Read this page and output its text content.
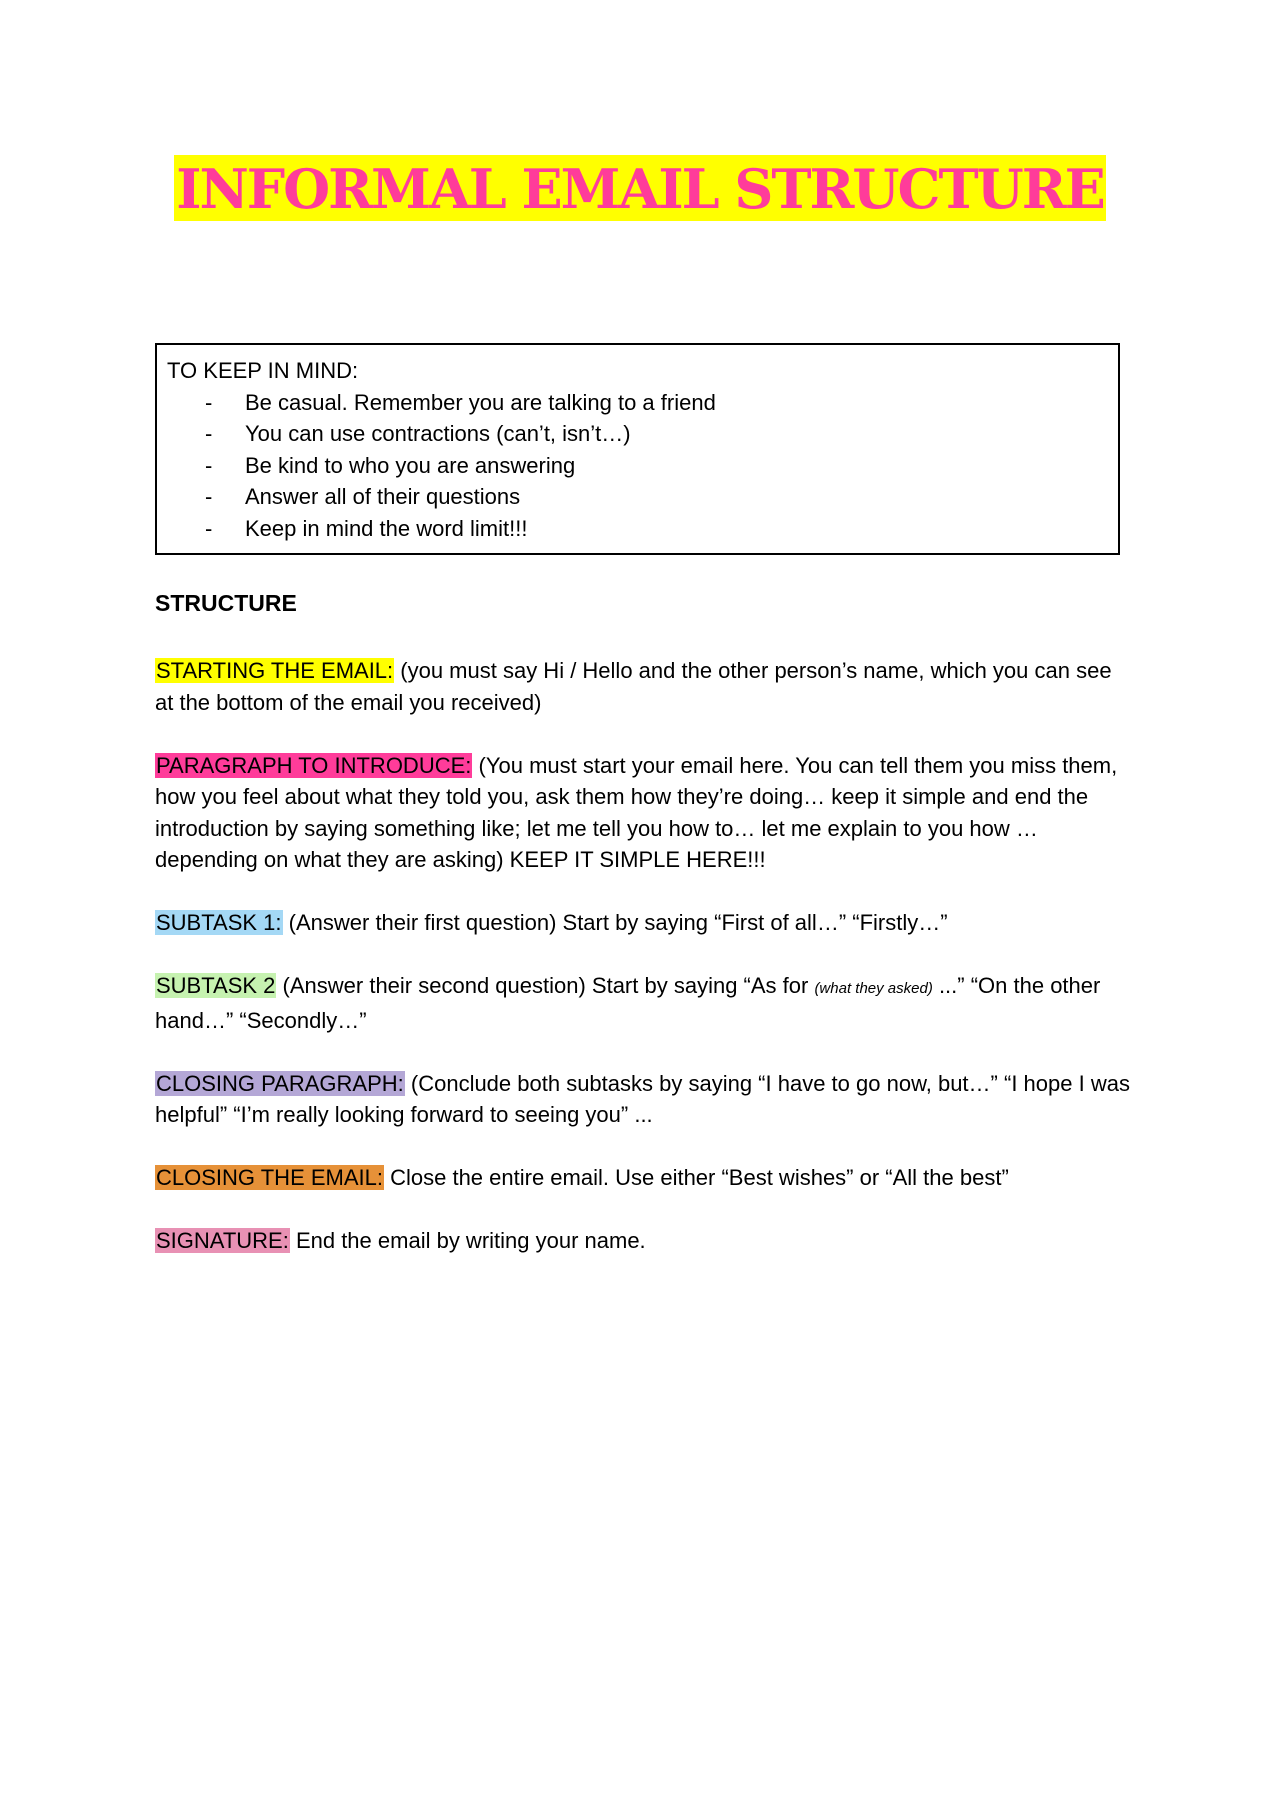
INFORMAL EMAIL STRUCTURE

TO KEEP IN MIND:

- Be casual. Remember you are talking to a friend
- You can use contractions (can’t, isn’t…)
- Be kind to who you are answering
- Answer all of their questions
- Keep in mind the word limit!!!

STRUCTURE

STARTING THE EMAIL: (you must say Hi / Hello and the other person’s name, which you can see at the bottom of the email you received)

PARAGRAPH TO INTRODUCE: (You must start your email here. You can tell them you miss them, how you feel about what they told you, ask them how they’re doing… keep it simple and end the introduction by saying something like; let me tell you how to… let me explain to you how … depending on what they are asking) KEEP IT SIMPLE HERE!!!

SUBTASK 1: (Answer their first question) Start by saying “First of all…” “Firstly…”

SUBTASK 2 (Answer their second question) Start by saying “As for (what they asked) ...” “On the other hand…” “Secondly…”

CLOSING PARAGRAPH: (Conclude both subtasks by saying “I have to go now, but…” “I hope I was helpful” “I’m really looking forward to seeing you” ...

CLOSING THE EMAIL: Close the entire email. Use either “Best wishes” or “All the best”

SIGNATURE: End the email by writing your name.
